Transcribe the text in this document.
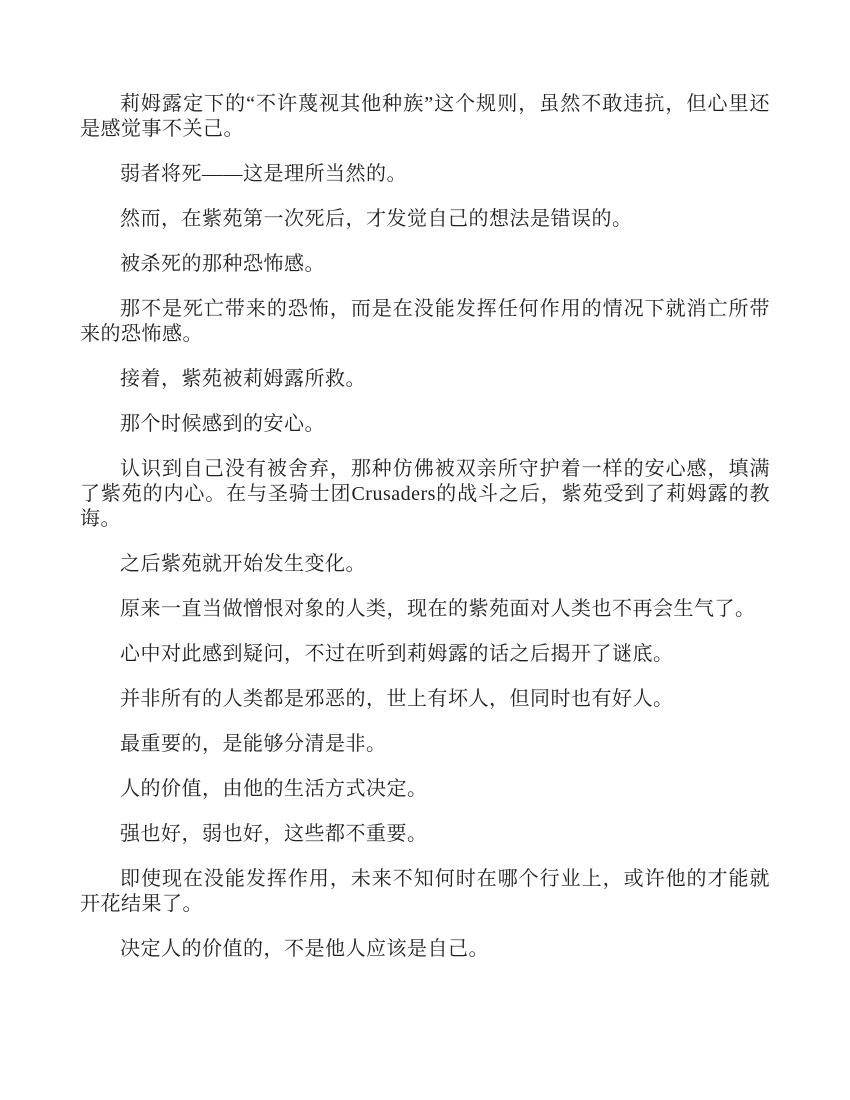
莉姆露定下的“不许蔑视其他种族”这个规则，虽然不敢违抗，但心里还是感觉事不关己。

弱者将死——这是理所当然的。

然而，在紫苑第一次死后，才发觉自己的想法是错误的。

被杀死的那种恐怖感。

那不是死亡带来的恐怖，而是在没能发挥任何作用的情况下就消亡所带来的恐怖感。

接着，紫苑被莉姆露所救。

那个时候感到的安心。

认识到自己没有被舍弃，那种仿佛被双亲所守护着一样的安心感，填满了紫苑的内心。在与圣骑士团Crusaders的战斗之后，紫苑受到了莉姆露的教诲。

之后紫苑就开始发生变化。

原来一直当做憎恨对象的人类，现在的紫苑面对人类也不再会生气了。

心中对此感到疑问，不过在听到莉姆露的话之后揭开了谜底。

并非所有的人类都是邪恶的，世上有坏人，但同时也有好人。

最重要的，是能够分清是非。

人的价值，由他的生活方式决定。

强也好，弱也好，这些都不重要。

即使现在没能发挥作用，未来不知何时在哪个行业上，或许他的才能就开花结果了。

决定人的价值的，不是他人应该是自己。
